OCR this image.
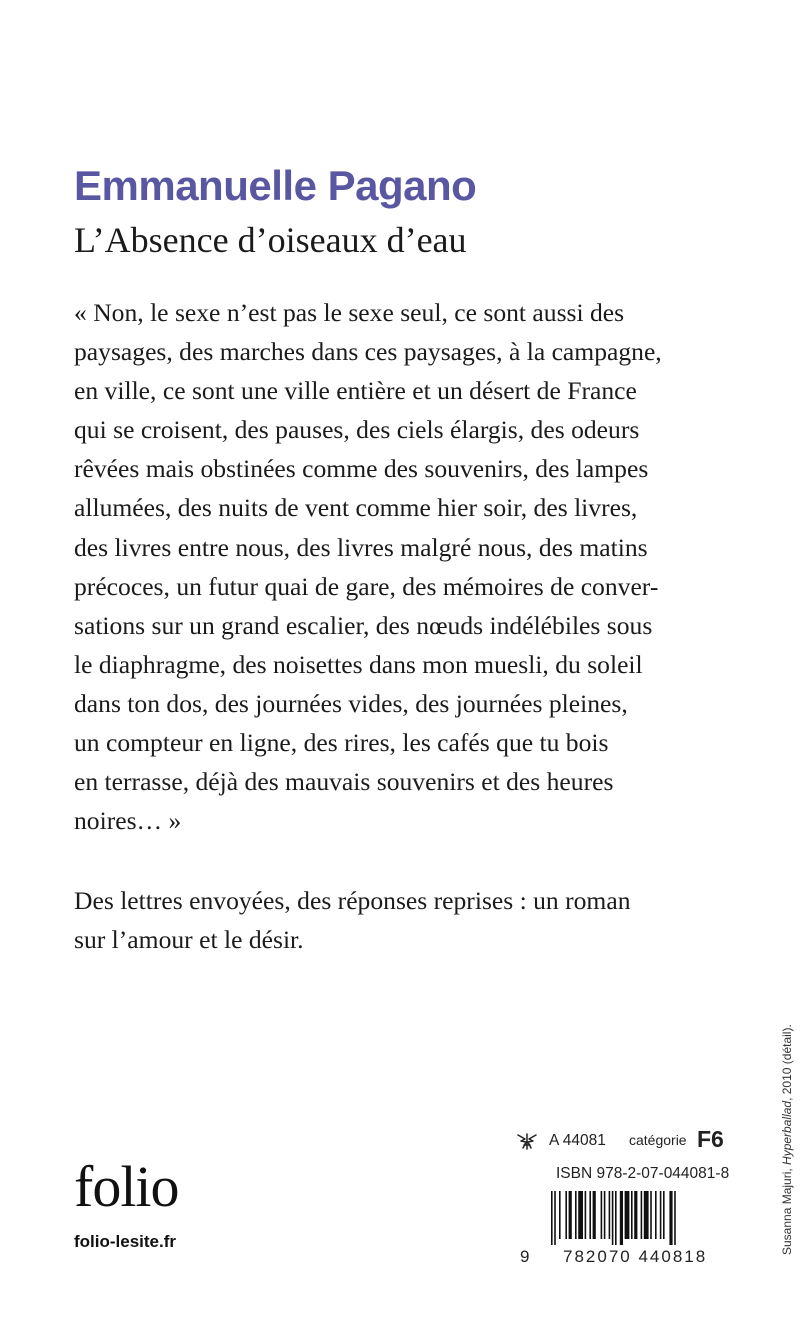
Emmanuelle Pagano
L’Absence d’oiseaux d’eau
« Non, le sexe n’est pas le sexe seul, ce sont aussi des
paysages, des marches dans ces paysages, à la campagne,
en ville, ce sont une ville entière et un désert de France
qui se croisent, des pauses, des ciels élargis, des odeurs
rêvées mais obstinées comme des souvenirs, des lampes
allumées, des nuits de vent comme hier soir, des livres,
des livres entre nous, des livres malgré nous, des matins
précoces, un futur quai de gare, des mémoires de conver-
sations sur un grand escalier, des nœuds indélébiles sous
le diaphragme, des noisettes dans mon muesli, du soleil
dans ton dos, des journées vides, des journées pleines,
un compteur en ligne, des rires, les cafés que tu bois
en terrasse, déjà des mauvais souvenirs et des heures
noires… »
Des lettres envoyées, des réponses reprises : un roman
sur l’amour et le désir.
Susanna Majuri, Hyperballad, 2010 (détail).
folio
folio-lesite.fr
A 44081 catégorie F6
ISBN 978-2-07-044081-8
9 782070 440818
